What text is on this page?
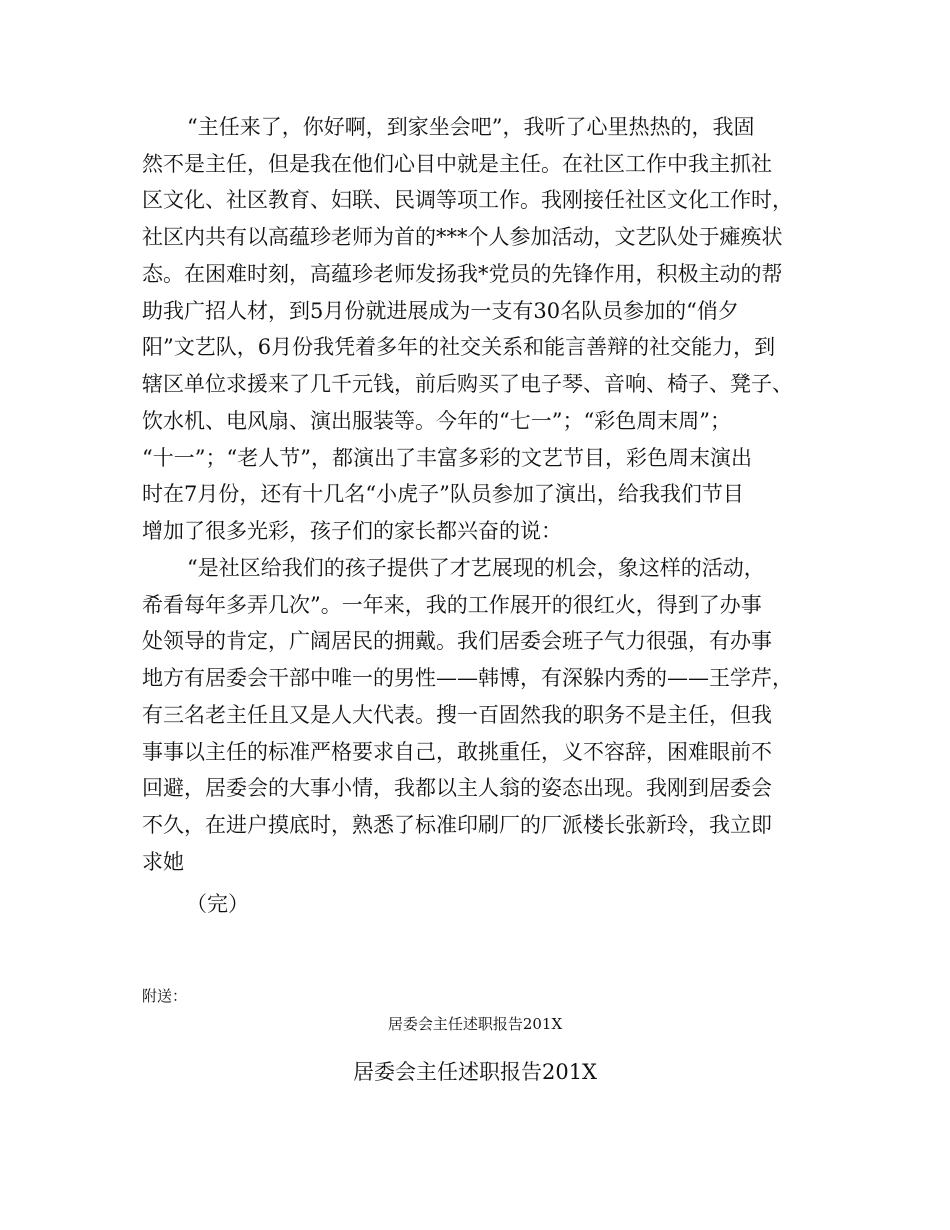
“主任来了，你好啊，到家坐会吧”，我听了心里热热的，我固
然不是主任，但是我在他们心目中就是主任。在社区工作中我主抓社
区文化、社区教育、妇联、民调等项工作。我刚接任社区文化工作时，
社区内共有以高蕴珍老师为首的***个人参加活动，文艺队处于瘫痪状
态。在困难时刻，高蕴珍老师发扬我*党员的先锋作用，积极主动的帮
助我广招人材，到5月份就进展成为一支有30名队员参加的“俏夕
阳”文艺队，6月份我凭着多年的社交关系和能言善辩的社交能力，到
辖区单位求援来了几千元钱，前后购买了电子琴、音响、椅子、凳子、
饮水机、电风扇、演出服装等。今年的“七一”；“彩色周末周”；
“十一”；“老人节”，都演出了丰富多彩的文艺节目，彩色周末演出
时在7月份，还有十几名“小虎子”队员参加了演出，给我我们节目
增加了很多光彩，孩子们的家长都兴奋的说：
“是社区给我们的孩子提供了才艺展现的机会，象这样的活动，
希看每年多弄几次”。一年来，我的工作展开的很红火，得到了办事
处领导的肯定，广阔居民的拥戴。我们居委会班子气力很强，有办事
地方有居委会干部中唯一的男性——韩博，有深躲内秀的——王学芹，
有三名老主任且又是人大代表。搜一百固然我的职务不是主任，但我
事事以主任的标准严格要求自己，敢挑重任，义不容辞，困难眼前不
回避，居委会的大事小情，我都以主人翁的姿态出现。我刚到居委会
不久，在进户摸底时，熟悉了标准印刷厂的厂派楼长张新玲，我立即
求她
（完）
附送：
居委会主任述职报告201X
居委会主任述职报告201X
